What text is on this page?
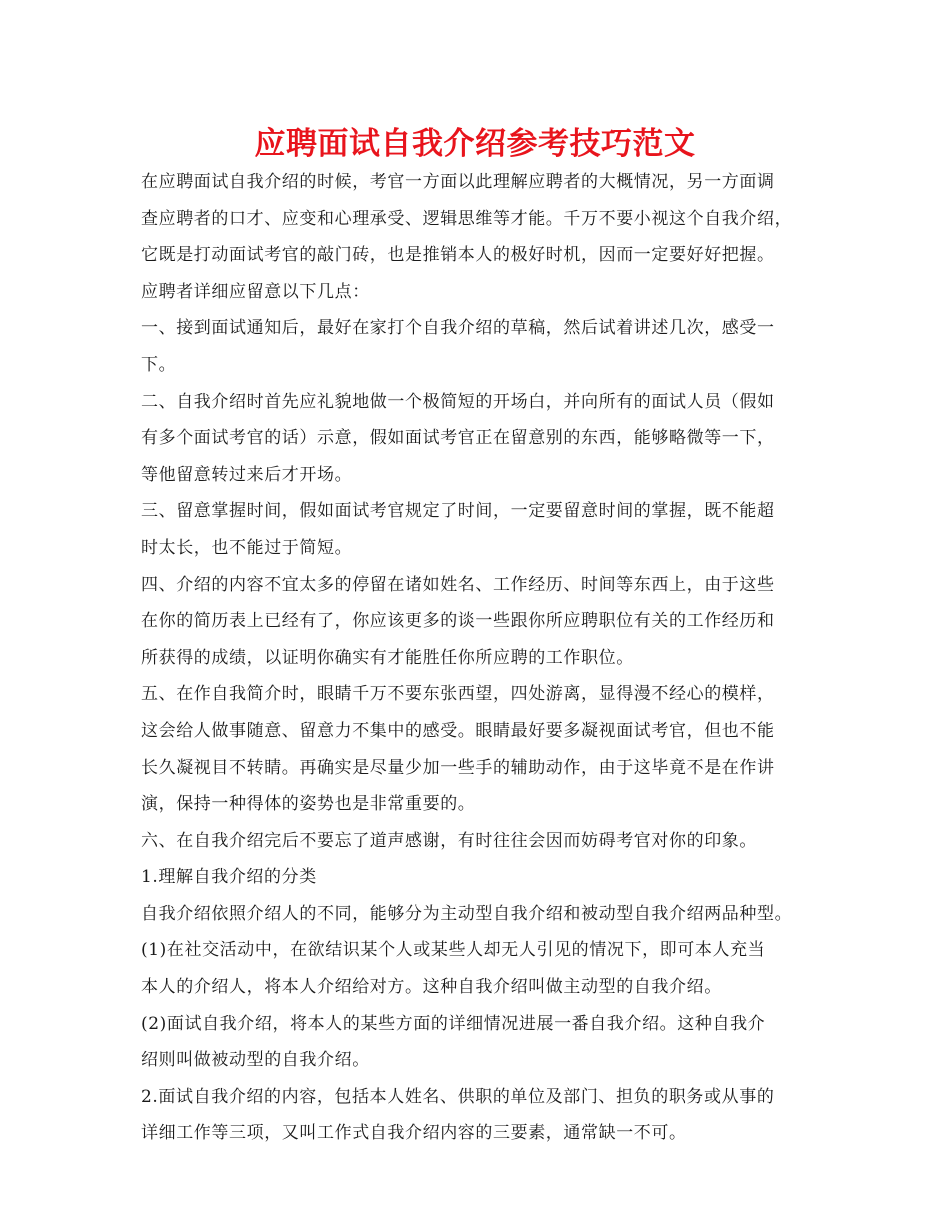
应聘面试自我介绍参考技巧范文
在应聘面试自我介绍的时候，考官一方面以此理解应聘者的大概情况，另一方面调
查应聘者的口才、应变和心理承受、逻辑思维等才能。千万不要小视这个自我介绍，
它既是打动面试考官的敲门砖，也是推销本人的极好时机，因而一定要好好把握。
应聘者详细应留意以下几点：
一、接到面试通知后，最好在家打个自我介绍的草稿，然后试着讲述几次，感受一
下。
二、自我介绍时首先应礼貌地做一个极简短的开场白，并向所有的面试人员（假如
有多个面试考官的话）示意，假如面试考官正在留意别的东西，能够略微等一下，
等他留意转过来后才开场。
三、留意掌握时间，假如面试考官规定了时间，一定要留意时间的掌握，既不能超
时太长，也不能过于简短。
四、介绍的内容不宜太多的停留在诸如姓名、工作经历、时间等东西上，由于这些
在你的简历表上已经有了，你应该更多的谈一些跟你所应聘职位有关的工作经历和
所获得的成绩，以证明你确实有才能胜任你所应聘的工作职位。
五、在作自我简介时，眼睛千万不要东张西望，四处游离，显得漫不经心的模样，
这会给人做事随意、留意力不集中的感受。眼睛最好要多凝视面试考官，但也不能
长久凝视目不转睛。再确实是尽量少加一些手的辅助动作，由于这毕竟不是在作讲
演，保持一种得体的姿势也是非常重要的。
六、在自我介绍完后不要忘了道声感谢，有时往往会因而妨碍考官对你的印象。
1.理解自我介绍的分类
自我介绍依照介绍人的不同，能够分为主动型自我介绍和被动型自我介绍两品种型。
(1)在社交活动中，在欲结识某个人或某些人却无人引见的情况下，即可本人充当
本人的介绍人，将本人介绍给对方。这种自我介绍叫做主动型的自我介绍。
(2)面试自我介绍，将本人的某些方面的详细情况进展一番自我介绍。这种自我介
绍则叫做被动型的自我介绍。
2.面试自我介绍的内容，包括本人姓名、供职的单位及部门、担负的职务或从事的
详细工作等三项，又叫工作式自我介绍内容的三要素，通常缺一不可。
